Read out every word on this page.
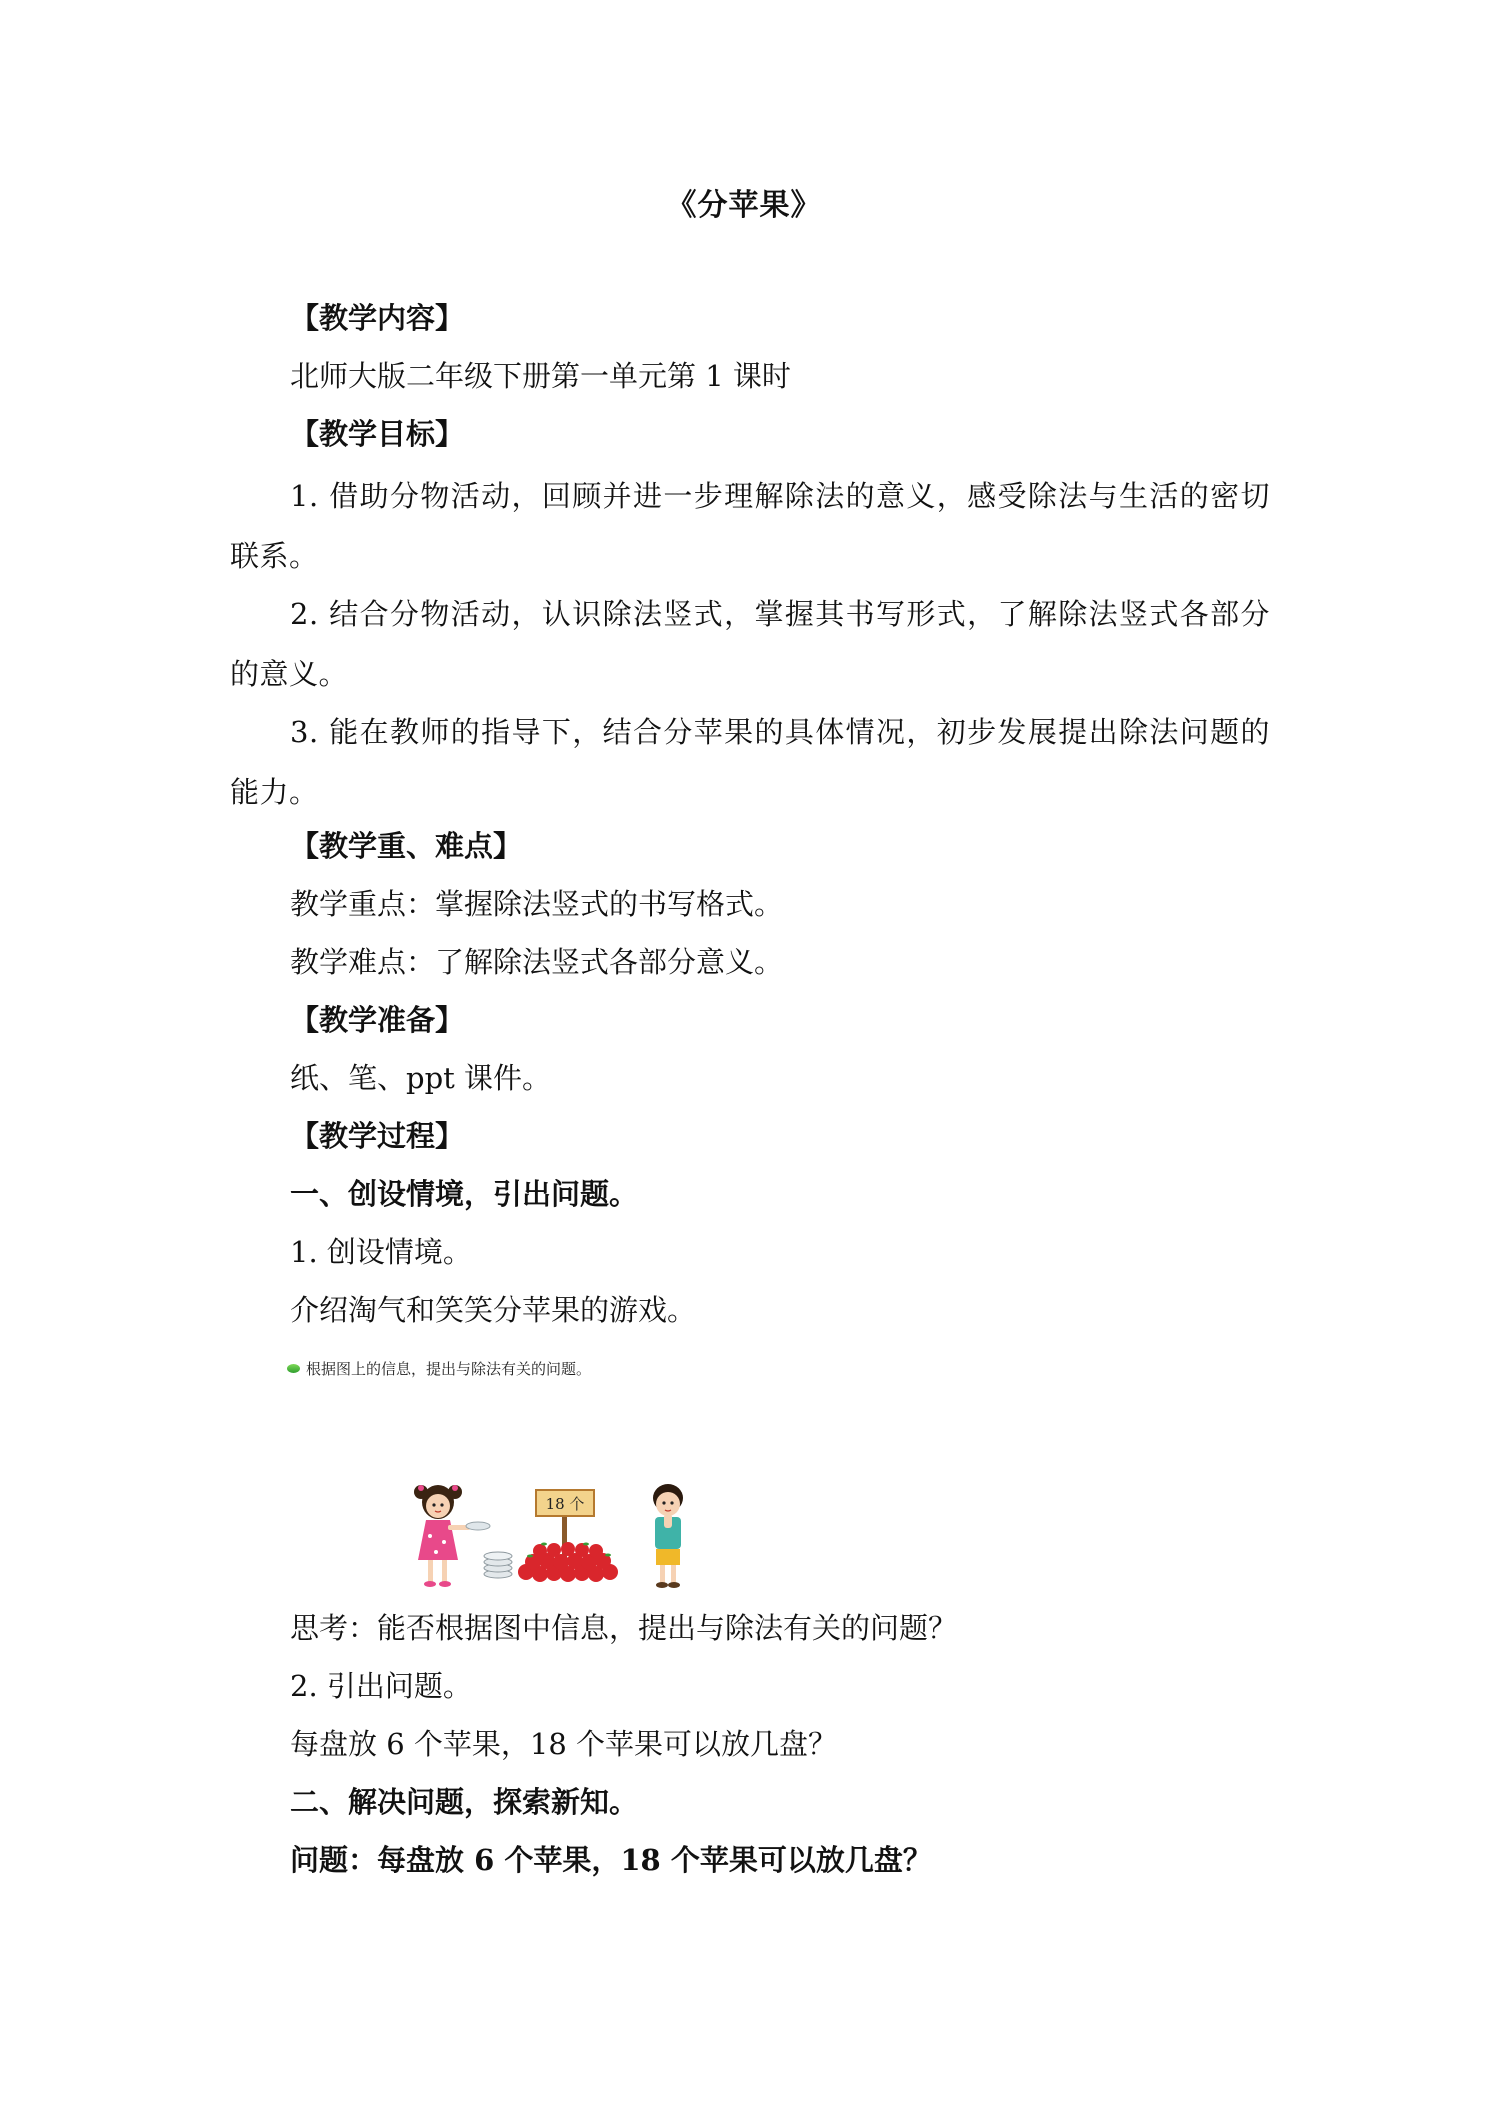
《分苹果》
【教学内容】
北师大版二年级下册第一单元第 1 课时
【教学目标】
1. 借助分物活动，回顾并进一步理解除法的意义，感受除法与生活的密切联系。
2. 结合分物活动，认识除法竖式，掌握其书写形式，了解除法竖式各部分的意义。
3. 能在教师的指导下，结合分苹果的具体情况，初步发展提出除法问题的能力。
【教学重、难点】
教学重点：掌握除法竖式的书写格式。
教学难点：了解除法竖式各部分意义。
【教学准备】
纸、笔、ppt 课件。
【教学过程】
一、创设情境，引出问题。
1. 创设情境。
介绍淘气和笑笑分苹果的游戏。
根据图上的信息，提出与除法有关的问题。
18 个
思考：能否根据图中信息，提出与除法有关的问题？
2. 引出问题。
每盘放 6 个苹果，18 个苹果可以放几盘？
二、解决问题，探索新知。
问题：每盘放 6 个苹果，18 个苹果可以放几盘？
